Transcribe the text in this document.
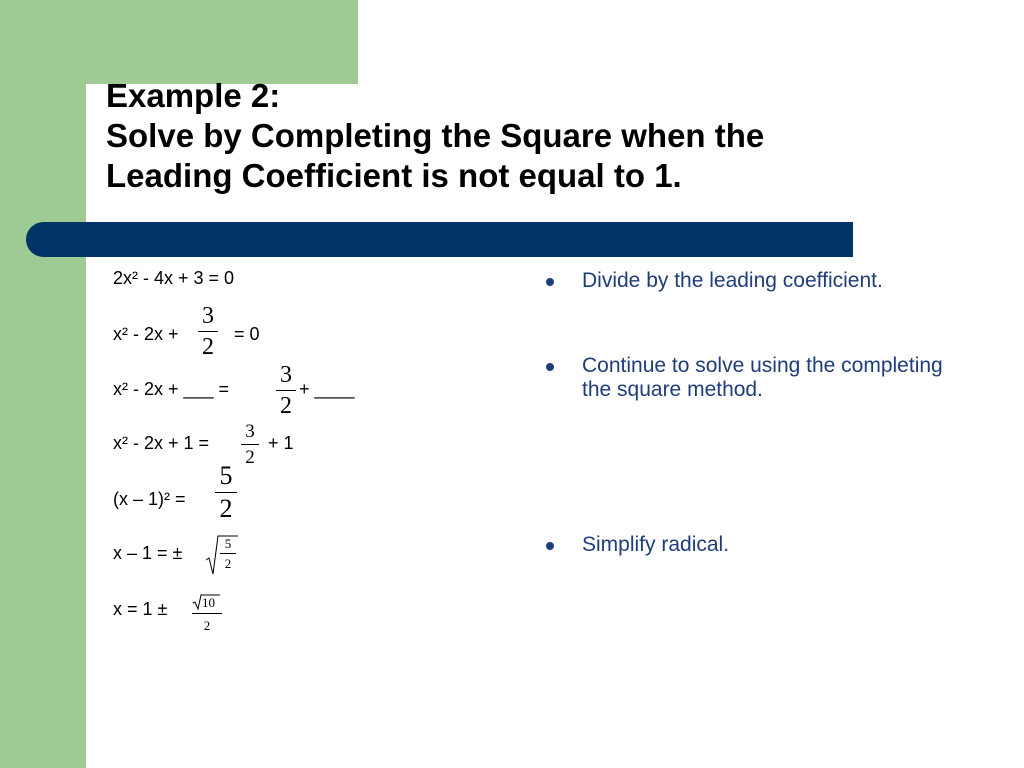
Example 2:
Solve by Completing the Square when the
Leading Coefficient is not equal to 1.
2x² - 4x + 3 = 0
x² - 2x +
3
2 = 0
x² - 2x + ___ =
3
2
+ ____
x² - 2x + 1 =
3
2
+ 1
(x – 1)² =
5
2
x – 1 = ±	5
2
x = 1 ±	10
2
Divide by the leading coefficient.
Continue to solve using the completing the square method.
Simplify radical.
